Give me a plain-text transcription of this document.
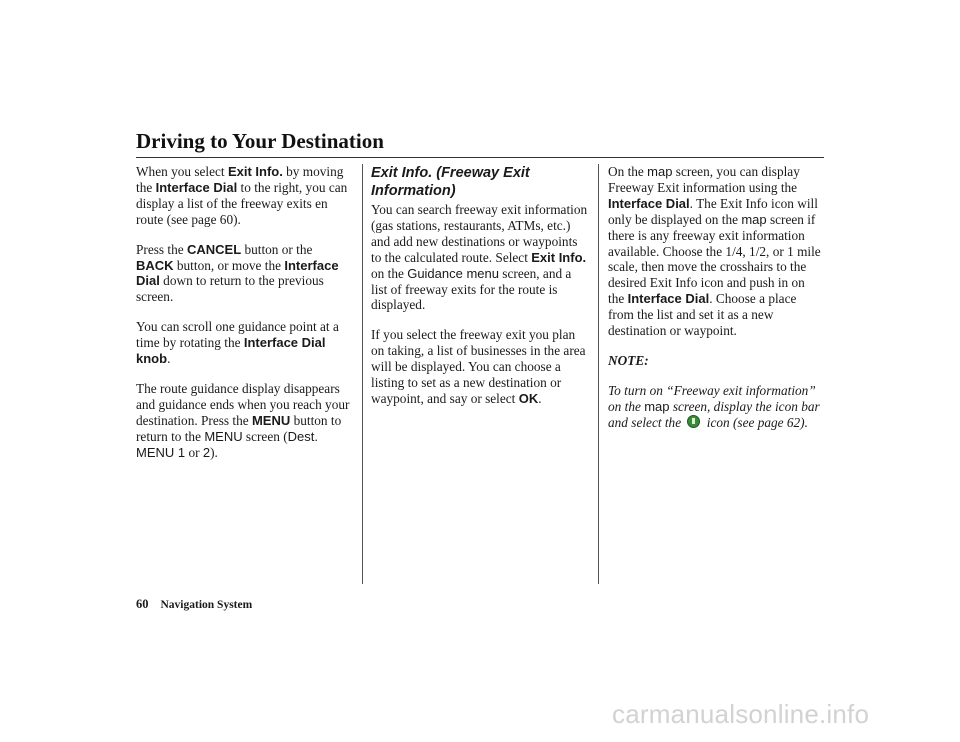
Driving to Your Destination

When you select Exit Info. by moving the Interface Dial to the right, you can display a list of the freeway exits en route (see page 60).

Press the CANCEL button or the BACK button, or move the Interface Dial down to return to the previous screen.

You can scroll one guidance point at a time by rotating the Interface Dial knob.

The route guidance display disappears and guidance ends when you reach your destination. Press the MENU button to return to the MENU screen (Dest. MENU 1 or 2).

Exit Info. (Freeway Exit Information)

You can search freeway exit information (gas stations, restaurants, ATMs, etc.) and add new destinations or waypoints to the calculated route. Select Exit Info. on the Guidance menu screen, and a list of freeway exits for the route is displayed.

If you select the freeway exit you plan on taking, a list of businesses in the area will be displayed. You can choose a listing to set as a new destination or waypoint, and say or select OK.

On the map screen, you can display Freeway Exit information using the Interface Dial. The Exit Info icon will only be displayed on the map screen if there is any freeway exit information available. Choose the 1/4, 1/2, or 1 mile scale, then move the crosshairs to the desired Exit Info icon and push in on the Interface Dial. Choose a place from the list and set it as a new destination or waypoint.

NOTE:

To turn on “Freeway exit information” on the map screen, display the icon bar and select the  icon (see page 62).

60 Navigation System
carmanualsonline.info
